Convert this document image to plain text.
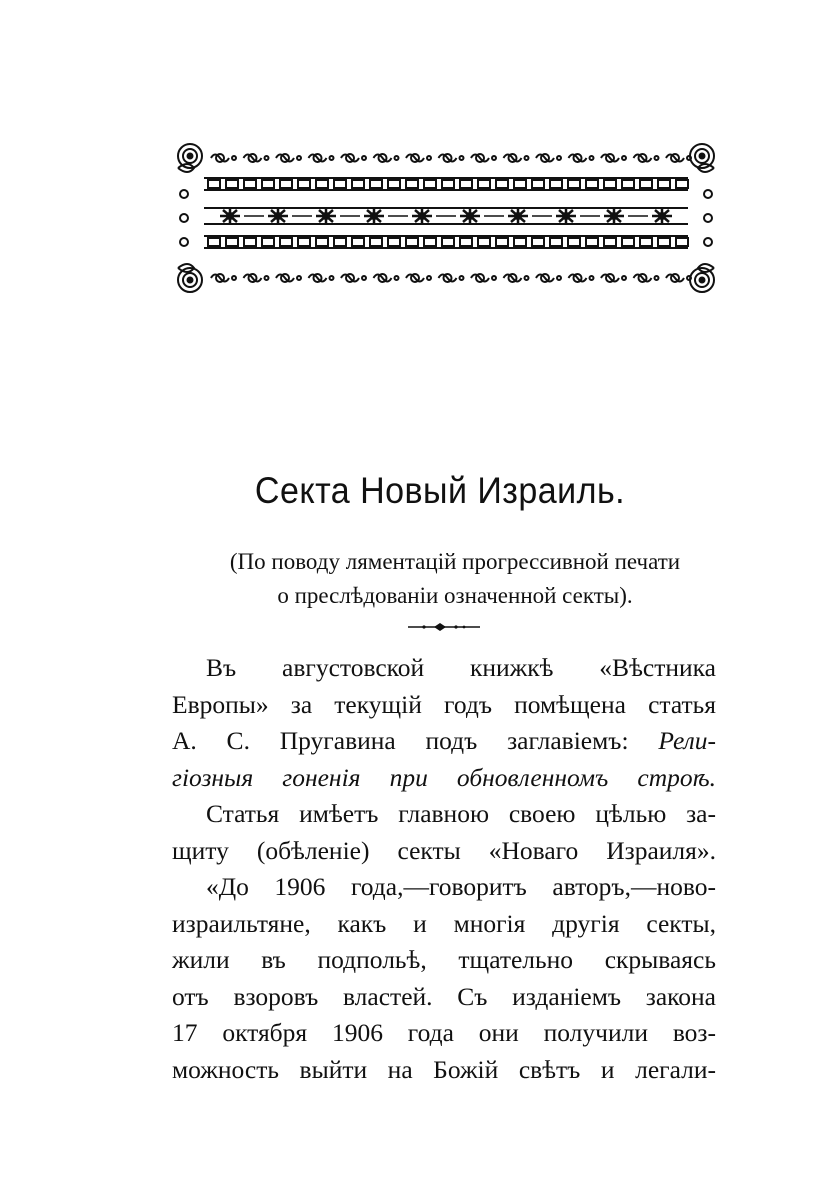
Секта Новый Израиль.

(По поводу ляментацій прогрессивной печати
о преслѣдованіи означенной секты).

Въ августовской книжкѣ «Вѣстника
Европы» за текущій годъ помѣщена статья
А. С. Пругавина подъ заглавіемъ: Рели-
гіозныя гоненія при обновленномъ строѣ.
Статья имѣетъ главною своею цѣлью за-
щиту (обѣленіе) секты «Новаго Израиля».
«До 1906 года,—говоритъ авторъ,—ново-
израильтяне, какъ и многія другія секты,
жили въ подпольѣ, тщательно скрываясь
отъ взоровъ властей. Съ изданіемъ закона
17 октября 1906 года они получили воз-
можность выйти на Божій свѣтъ и легали-
